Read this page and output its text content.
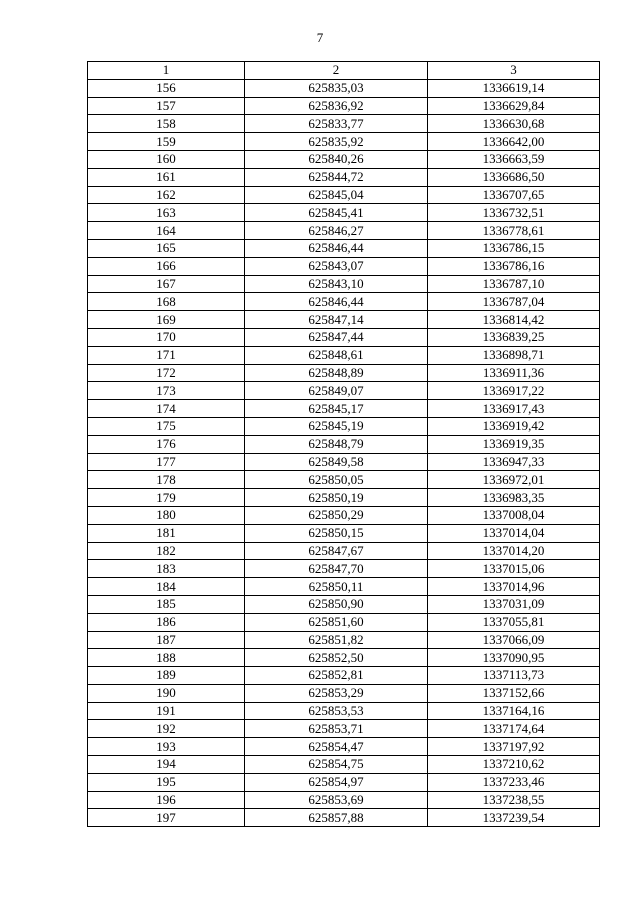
7
1	2	3
156	625835,03	1336619,14
157	625836,92	1336629,84
158	625833,77	1336630,68
159	625835,92	1336642,00
160	625840,26	1336663,59
161	625844,72	1336686,50
162	625845,04	1336707,65
163	625845,41	1336732,51
164	625846,27	1336778,61
165	625846,44	1336786,15
166	625843,07	1336786,16
167	625843,10	1336787,10
168	625846,44	1336787,04
169	625847,14	1336814,42
170	625847,44	1336839,25
171	625848,61	1336898,71
172	625848,89	1336911,36
173	625849,07	1336917,22
174	625845,17	1336917,43
175	625845,19	1336919,42
176	625848,79	1336919,35
177	625849,58	1336947,33
178	625850,05	1336972,01
179	625850,19	1336983,35
180	625850,29	1337008,04
181	625850,15	1337014,04
182	625847,67	1337014,20
183	625847,70	1337015,06
184	625850,11	1337014,96
185	625850,90	1337031,09
186	625851,60	1337055,81
187	625851,82	1337066,09
188	625852,50	1337090,95
189	625852,81	1337113,73
190	625853,29	1337152,66
191	625853,53	1337164,16
192	625853,71	1337174,64
193	625854,47	1337197,92
194	625854,75	1337210,62
195	625854,97	1337233,46
196	625853,69	1337238,55
197	625857,88	1337239,54
